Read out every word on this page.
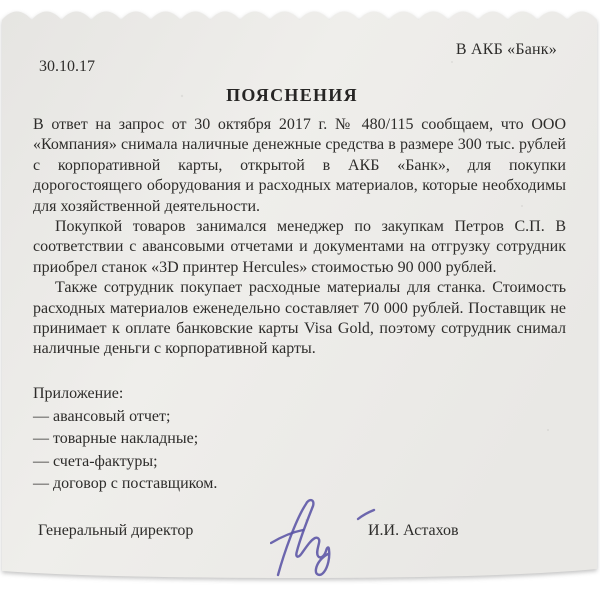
В АКБ «Банк»
30.10.17
ПОЯСНЕНИЯ

В ответ на запрос от 30 октября 2017 г. № 480/115 сообщаем, что ООО «Компания» снимала наличные денежные средства в размере 300 тыс. рублей с корпоративной карты, открытой в АКБ «Банк», для покупки дорогостоящего оборудования и расходных материалов, которые необходимы для хозяйственной деятельности.

Покупкой товаров занимался менеджер по закупкам Петров С.П. В соответствии с авансовыми отчетами и документами на отгрузку сотрудник приобрел станок «3D принтер Hercules» стоимостью 90 000 рублей.

Также сотрудник покупает расходные материалы для станка. Стоимость расходных материалов еженедельно составляет 70 000 рублей. Поставщик не принимает к оплате банковские карты Visa Gold, поэтому сотрудник снимал наличные деньги с корпоративной карты.

Приложение:
— авансовый отчет;
— товарные накладные;
— счета-фактуры;
— договор с поставщиком.
Генеральный директор	И.И. Астахов
